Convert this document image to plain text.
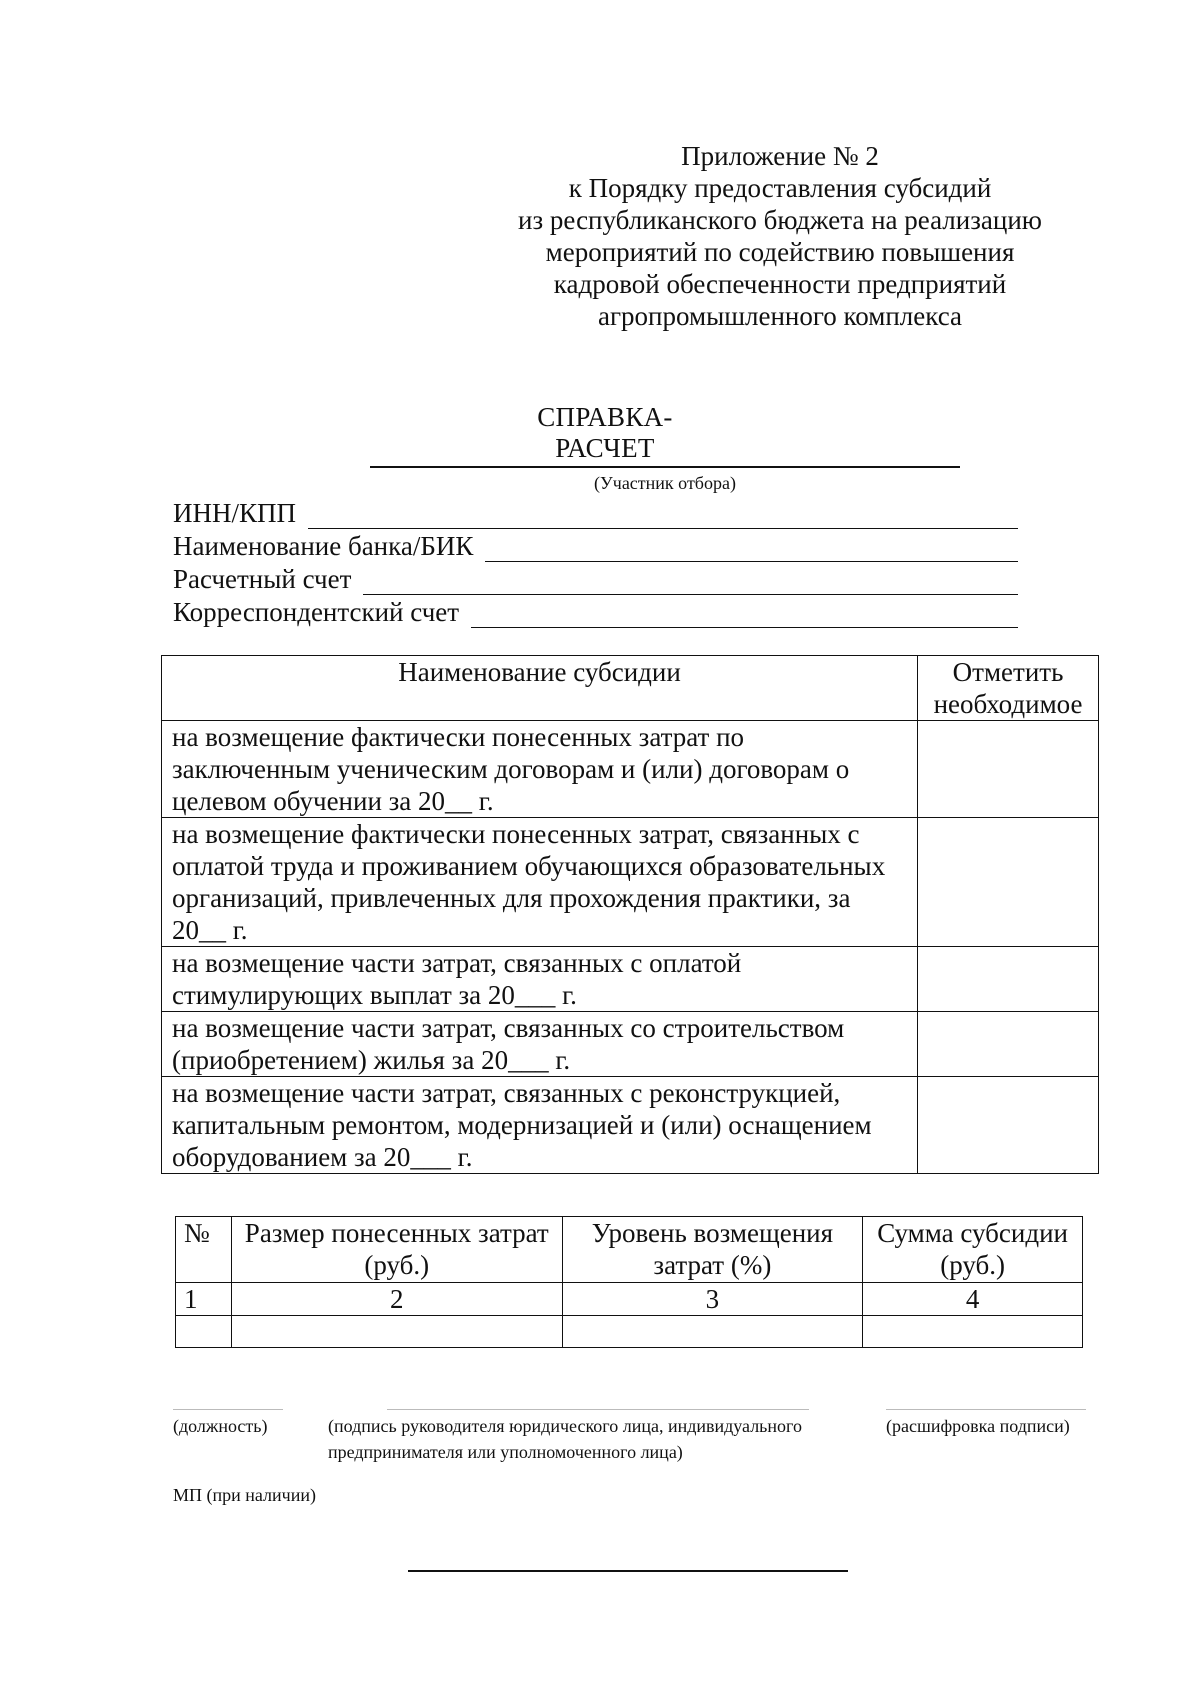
Приложение № 2
к Порядку предоставления субсидий
из республиканского бюджета на реализацию
мероприятий по содействию повышения
кадровой обеспеченности предприятий
агропромышленного комплекса
СПРАВКА-РАСЧЕТ
(Участник отбора)
ИНН/КПП
Наименование банка/БИК
Расчетный счет
Корреспондентский счет
Наименование субсидии	Отметить необходимое
на возмещение фактически понесенных затрат по заключенным ученическим договорам и (или) договорам о целевом обучении за 20__ г.	
на возмещение фактически понесенных затрат, связанных с оплатой труда и проживанием обучающихся образовательных организаций, привлеченных для прохождения практики, за 20__ г.	
на возмещение части затрат, связанных с оплатой стимулирующих выплат за 20___ г.	
на возмещение части затрат, связанных со строительством (приобретением) жилья за 20___ г.	
на возмещение части затрат, связанных с реконструкцией, капитальным ремонтом, модернизацией и (или) оснащением оборудованием за 20___ г.	
№	Размер понесенных затрат (руб.)	Уровень возмещения затрат (%)	Сумма субсидии (руб.)
1	2	3	4

(должность)	(подпись руководителя юридического лица, индивидуального
предпринимателя или уполномоченного лица)
(расшифровка подписи)
МП (при наличии)
